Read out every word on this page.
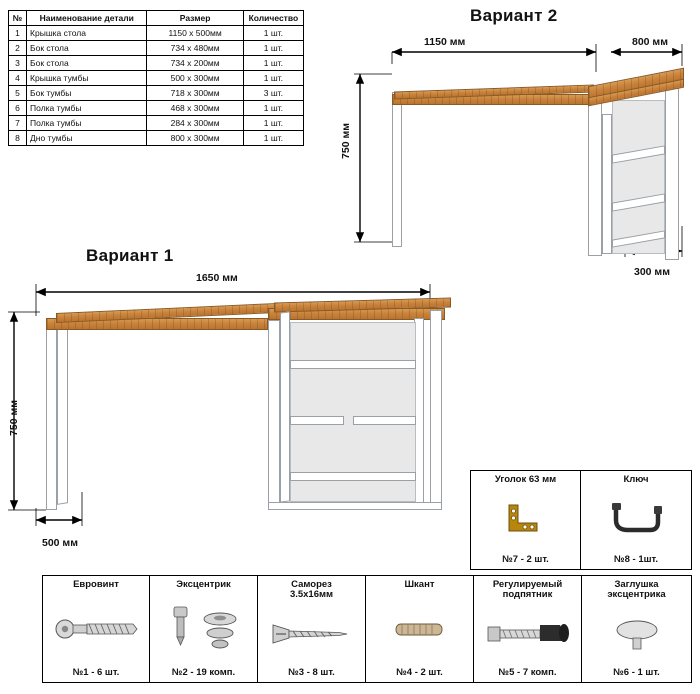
№	Наименование детали	Размер	Количество
1	Крышка стола	1150 x 500мм	1 шт.
2	Бок стола	734 х 480мм	1 шт.
3	Бок стола	734 х 200мм	1 шт.
4	Крышка тумбы	500 х 300мм	1 шт.
5	Бок тумбы	718 х 300мм	3 шт.
6	Полка тумбы	468 х 300мм	1 шт.
7	Полка тумбы	284 х 300мм	1 шт.
8	Дно тумбы	800 х 300мм	1 шт.
Вариант 2
1150 мм	800 мм
750 мм
300 мм
Вариант 1
1650 мм
750 мм
500 мм
Уголок 63 мм
№7 - 2 шт.
Ключ
№8 - 1шт.
Евровинт
№1 - 6 шт.
Эксцентрик
№2 - 19 комп.
Саморез
3.5x16мм
№3 - 8 шт.
Шкант
№4 - 2 шт.
Регулируемый
подпятник
№5 - 7 комп.
Заглушка
эксцентрика
№6 - 1 шт.
